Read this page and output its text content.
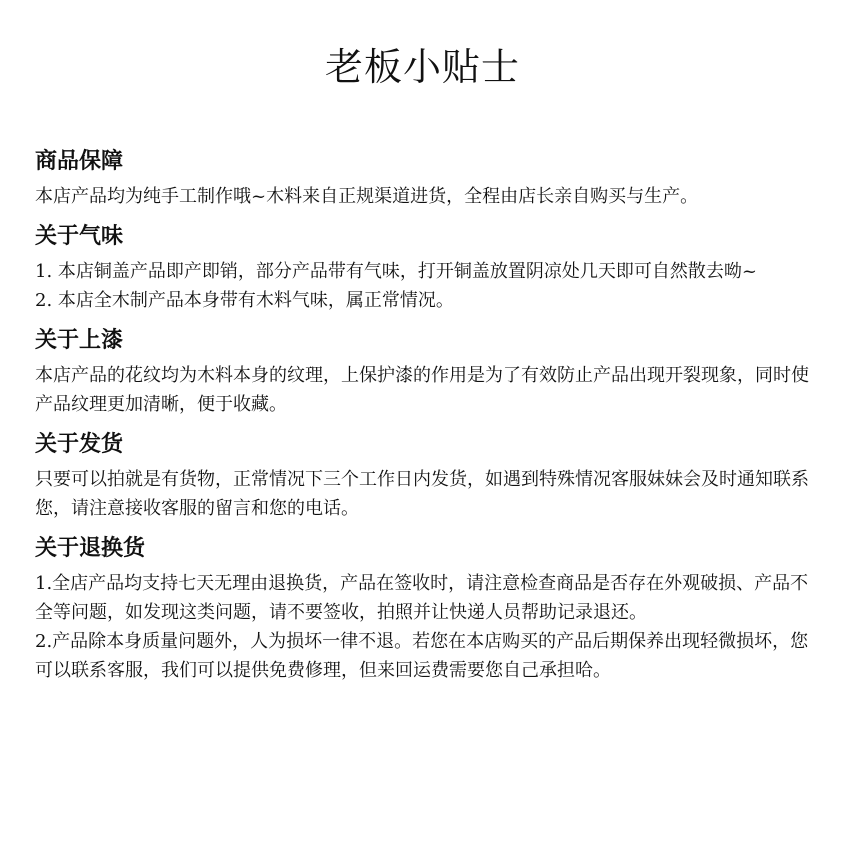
老板小贴士
商品保障

本店产品均为纯手工制作哦~木料来自正规渠道进货，全程由店长亲自购买与生产。

关于气味

1. 本店铜盖产品即产即销，部分产品带有气味，打开铜盖放置阴凉处几天即可自然散去呦~

2. 本店全木制产品本身带有木料气味，属正常情况。

关于上漆

本店产品的花纹均为木料本身的纹理，上保护漆的作用是为了有效防止产品出现开裂现象，同时使产品纹理更加清晰，便于收藏。

关于发货

只要可以拍就是有货物，正常情况下三个工作日内发货，如遇到特殊情况客服妹妹会及时通知联系您，请注意接收客服的留言和您的电话。

关于退换货

1.全店产品均支持七天无理由退换货，产品在签收时，请注意检查商品是否存在外观破损、产品不全等问题，如发现这类问题，请不要签收，拍照并让快递人员帮助记录退还。

2.产品除本身质量问题外，人为损坏一律不退。若您在本店购买的产品后期保养出现轻微损坏，您可以联系客服，我们可以提供免费修理，但来回运费需要您自己承担哈。
